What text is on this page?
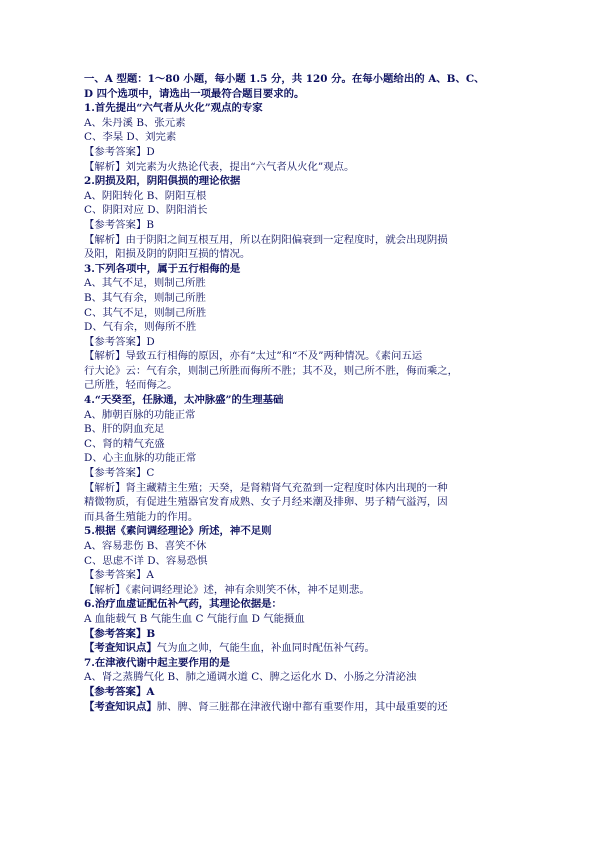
一、A 型题：1～80 小题，每小题 1.5 分，共 120 分。在每小题给出的 A、B、C、
D 四个选项中，请选出一项最符合题目要求的。
1.首先提出“六气者从火化”观点的专家
A、朱丹溪 B、张元素
C、李杲 D、刘完素
【参考答案】D
【解析】刘完素为火热论代表，提出“六气者从火化”观点。
2.阴损及阳，阴阳俱损的理论依据
A、阴阳转化 B、阴阳互根
C、阴阳对应 D、阴阳消长
【参考答案】B
【解析】由于阴阳之间互根互用，所以在阴阳偏衰到一定程度时，就会出现阴损
及阳，阳损及阴的阴阳互损的情况。
3.下列各项中，属于五行相侮的是
A、其气不足，则制己所胜
B、其气有余，则制己所胜
C、其气不足，则制己所胜
D、气有余，则侮所不胜
【参考答案】D
【解析】导致五行相侮的原因，亦有“太过”和“不及”两种情况。《素问五运
行大论》云：气有余，则制己所胜而侮所不胜；其不及，则己所不胜，侮而乘之，
己所胜，轻而侮之。
4.“天癸至，任脉通，太冲脉盛”的生理基础
A、肺朝百脉的功能正常
B、肝的阴血充足
C、肾的精气充盛
D、心主血脉的功能正常
【参考答案】C
【解析】肾主藏精主生殖；天癸，是肾精肾气充盈到一定程度时体内出现的一种
精微物质，有促进生殖器官发育成熟、女子月经来潮及排卵、男子精气溢泻，因
而具备生殖能力的作用。
5.根据《素问调经理论》所述，神不足则
A、容易悲伤 B、喜笑不休
C、思虑不详 D、容易恐惧
【参考答案】A
【解析】《素问调经理论》述，神有余则笑不休，神不足则悲。
6.治疗血虚证配伍补气药，其理论依据是：
A 血能载气 B 气能生血 C 气能行血 D 气能摄血
【参考答案】B
【考查知识点】气为血之帅，气能生血，补血同时配伍补气药。
7.在津液代谢中起主要作用的是
A、肾之蒸腾气化 B、肺之通调水道 C、脾之运化水 D、小肠之分清泌浊
【参考答案】A
【考查知识点】肺、脾、肾三脏都在津液代谢中都有重要作用，其中最重要的还
